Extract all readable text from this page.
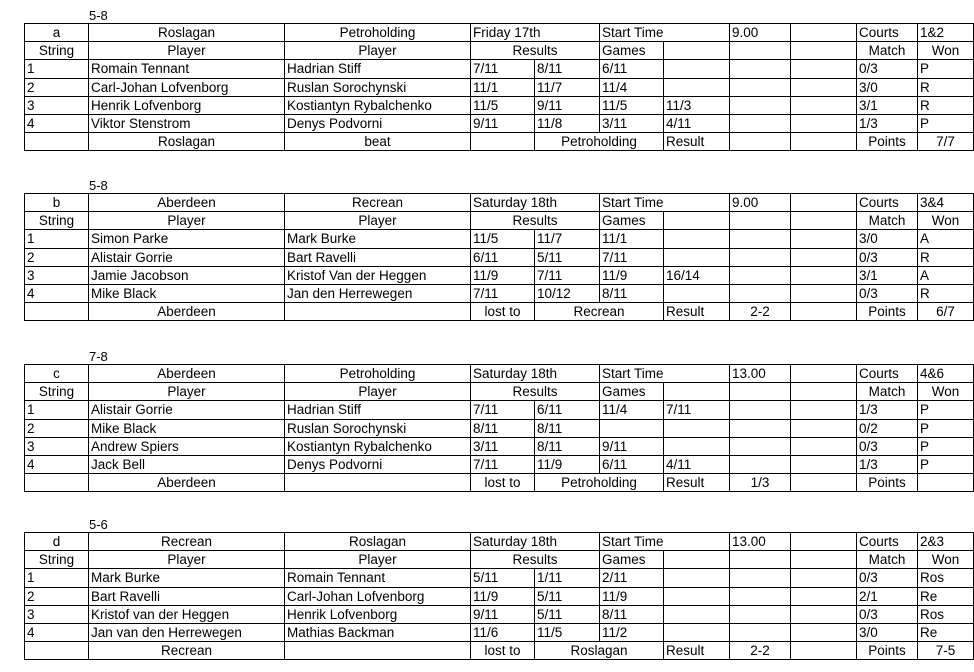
5-8
a	Roslagan	Petroholding	Friday 17th		Start Time		9.00		Courts	1&2	
String	Player	Player	Results		Games				Match	Won	
1	Romain Tennant	Hadrian Stiff	7/11	8/11	6/11				0/3	P	
2	Carl-Johan Lofvenborg	Ruslan Sorochynski	11/1	11/7	11/4				3/0	R	
3	Henrik Lofvenborg	Kostiantyn Rybalchenko	11/5	9/11	11/5	11/3			3/1	R	
4	Viktor Stenstrom	Denys Podvorni	9/11	11/8	3/11	4/11			1/3	P	
	Roslagan	beat		Petroholding		Result			Points	7/7	
5-8
b	Aberdeen	Recrean	Saturday 18th		Start Time		9.00		Courts	3&4	
String	Player	Player	Results		Games				Match	Won	
1	Simon Parke	Mark Burke	11/5	11/7	11/1				3/0	A	
2	Alistair Gorrie	Bart Ravelli	6/11	5/11	7/11				0/3	R	
3	Jamie Jacobson	Kristof Van der Heggen	11/9	7/11	11/9	16/14			3/1	A	
4	Mike Black	Jan den Herrewegen	7/11	10/12	8/11				0/3	R	
	Aberdeen		lost to	Recrean		Result	2-2		Points	6/7	
7-8
c	Aberdeen	Petroholding	Saturday 18th		Start Time		13.00		Courts	4&6	
String	Player	Player	Results		Games				Match	Won	
1	Alistair Gorrie	Hadrian Stiff	7/11	6/11	11/4	7/11			1/3	P	
2	Mike Black	Ruslan Sorochynski	8/11	8/11					0/2	P	
3	Andrew Spiers	Kostiantyn Rybalchenko	3/11	8/11	9/11				0/3	P	
4	Jack Bell	Denys Podvorni	7/11	11/9	6/11	4/11			1/3	P	
	Aberdeen		lost to	Petroholding		Result	1/3		Points		
5-6
d	Recrean	Roslagan	Saturday 18th		Start Time		13.00		Courts	2&3	
String	Player	Player	Results		Games				Match	Won	
1	Mark Burke	Romain Tennant	5/11	1/11	2/11				0/3	Ros	
2	Bart Ravelli	Carl-Johan Lofvenborg	11/9	5/11	11/9				2/1	Re	
3	Kristof van der Heggen	Henrik Lofvenborg	9/11	5/11	8/11				0/3	Ros	
4	Jan van den Herrewegen	Mathias Backman	11/6	11/5	11/2				3/0	Re	
	Recrean		lost to	Roslagan		Result	2-2		Points	7-5	
